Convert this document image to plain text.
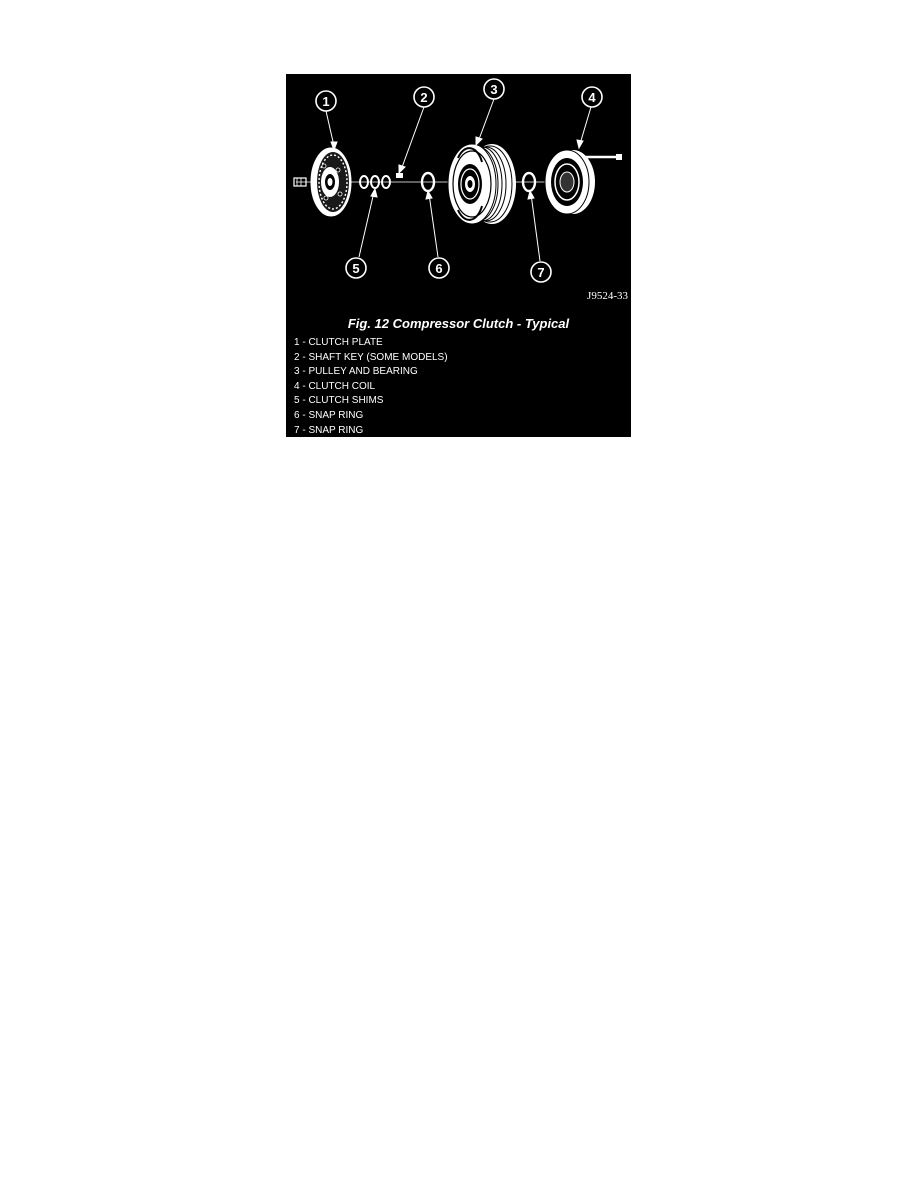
1	2
3
4
5	6	7
J9524-33
Fig. 12 Compressor Clutch - Typical
1 - CLUTCH PLATE
2 - SHAFT KEY (SOME MODELS)
3 - PULLEY AND BEARING
4 - CLUTCH COIL
5 - CLUTCH SHIMS
6 - SNAP RING
7 - SNAP RING
